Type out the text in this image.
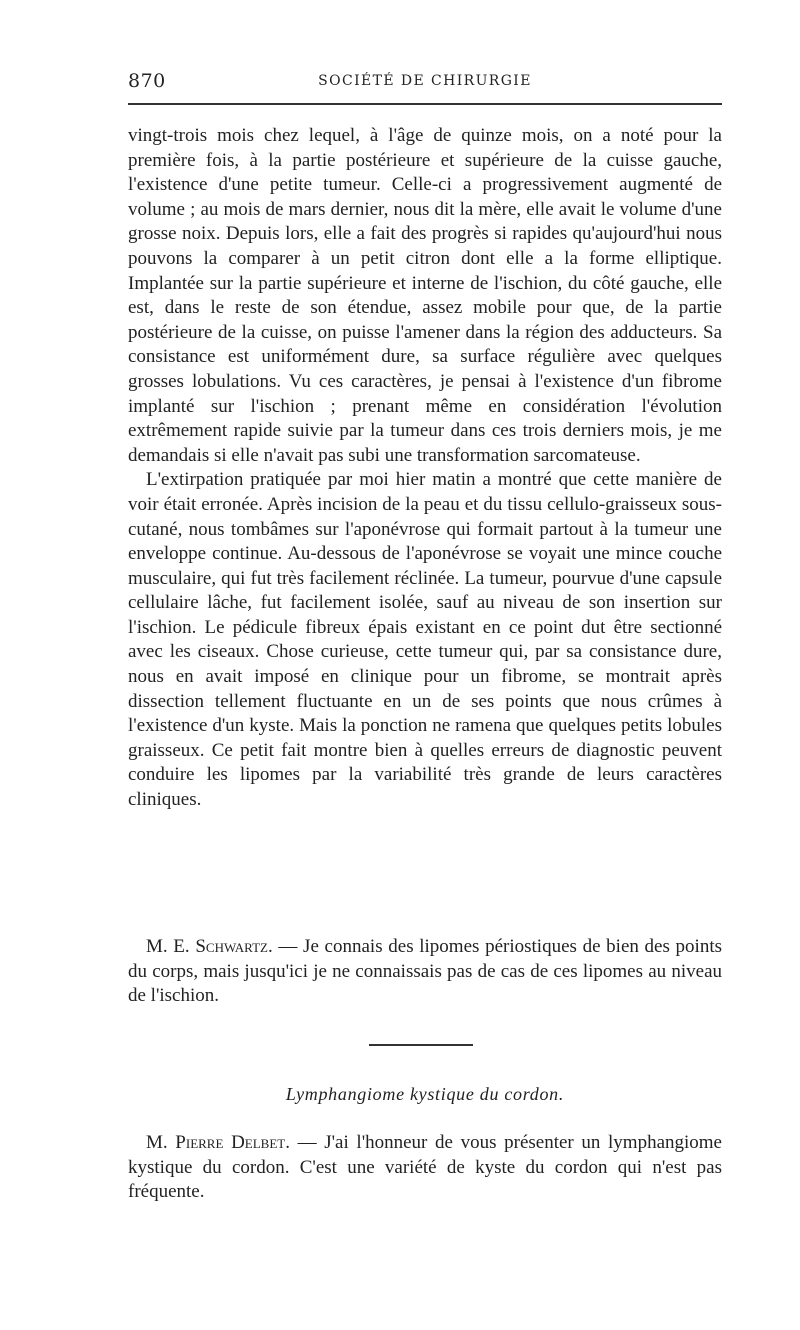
870	SOCIÉTÉ DE CHIRURGIE

vingt-trois mois chez lequel, à l'âge de quinze mois, on a noté pour la première fois, à la partie postérieure et supérieure de la cuisse gauche, l'existence d'une petite tumeur. Celle-ci a progressivement augmenté de volume ; au mois de mars dernier, nous dit la mère, elle avait le volume d'une grosse noix. Depuis lors, elle a fait des progrès si rapides qu'aujourd'hui nous pouvons la comparer à un petit citron dont elle a la forme elliptique. Implantée sur la partie supérieure et interne de l'ischion, du côté gauche, elle est, dans le reste de son étendue, assez mobile pour que, de la partie postérieure de la cuisse, on puisse l'amener dans la région des adducteurs. Sa consistance est uniformément dure, sa surface régulière avec quelques grosses lobulations. Vu ces caractères, je pensai à l'existence d'un fibrome implanté sur l'ischion ; prenant même en considération l'évolution extrêmement rapide suivie par la tumeur dans ces trois derniers mois, je me demandais si elle n'avait pas subi une transformation sarcomateuse.

L'extirpation pratiquée par moi hier matin a montré que cette manière de voir était erronée. Après incision de la peau et du tissu cellulo-graisseux sous-cutané, nous tombâmes sur l'aponévrose qui formait partout à la tumeur une enveloppe continue. Au-dessous de l'aponévrose se voyait une mince couche musculaire, qui fut très facilement réclinée. La tumeur, pourvue d'une capsule cellulaire lâche, fut facilement isolée, sauf au niveau de son insertion sur l'ischion. Le pédicule fibreux épais existant en ce point dut être sectionné avec les ciseaux. Chose curieuse, cette tumeur qui, par sa consistance dure, nous en avait imposé en clinique pour un fibrome, se montrait après dissection tellement fluctuante en un de ses points que nous crûmes à l'existence d'un kyste. Mais la ponction ne ramena que quelques petits lobules graisseux. Ce petit fait montre bien à quelles erreurs de diagnostic peuvent conduire les lipomes par la variabilité très grande de leurs caractères cliniques.

M. E. Schwartz. — Je connais des lipomes périostiques de bien des points du corps, mais jusqu'ici je ne connaissais pas de cas de ces lipomes au niveau de l'ischion.

Lymphangiome kystique du cordon.

M. Pierre Delbet. — J'ai l'honneur de vous présenter un lymphangiome kystique du cordon. C'est une variété de kyste du cordon qui n'est pas fréquente.
